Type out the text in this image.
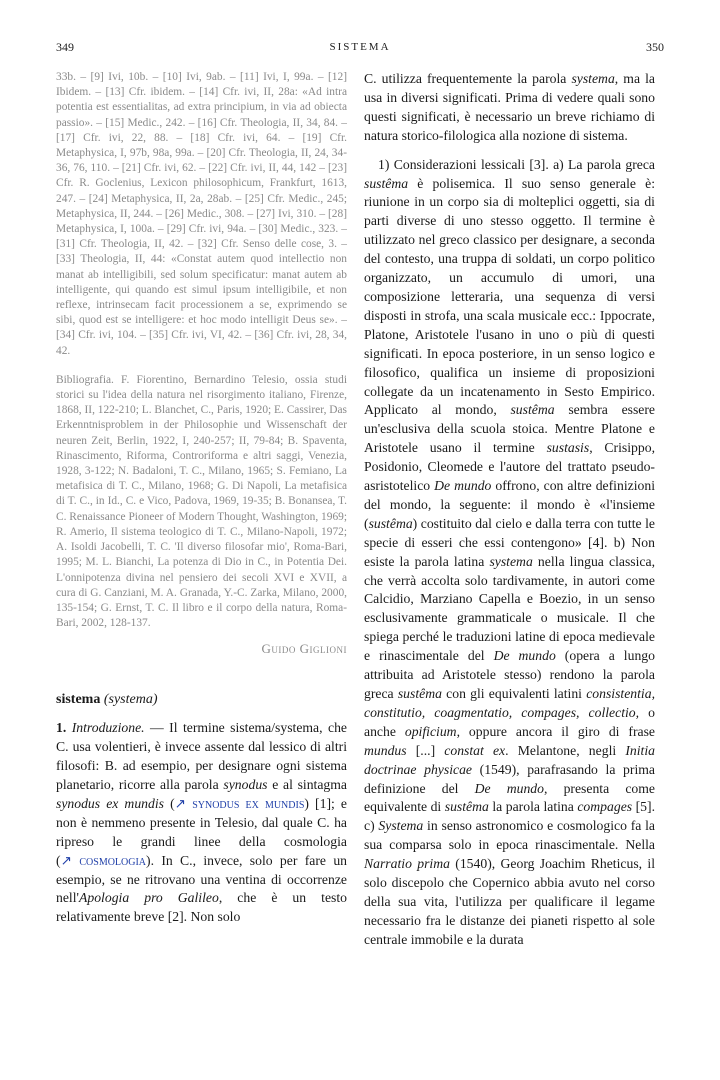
349	SISTEMA	350

33b. – [9] Ivi, 10b. – [10] Ivi, 9ab. – [11] Ivi, I, 99a. – [12] Ibidem. – [13] Cfr. ibidem. – [14] Cfr. ivi, II, 28a: «Ad intra potentia est essentialitas, ad extra principium, in via ad obiecta passio». – [15] Medic., 242. – [16] Cfr. Theologia, II, 34, 84. – [17] Cfr. ivi, 22, 88. – [18] Cfr. ivi, 64. – [19] Cfr. Metaphysica, I, 97b, 98a, 99a. – [20] Cfr. Theologia, II, 24, 34-36, 76, 110. – [21] Cfr. ivi, 62. – [22] Cfr. ivi, II, 44, 142 – [23] Cfr. R. Goclenius, Lexicon philosophicum, Frankfurt, 1613, 247. – [24] Metaphysica, II, 2a, 28ab. – [25] Cfr. Medic., 245; Metaphysica, II, 244. – [26] Medic., 308. – [27] Ivi, 310. – [28] Metaphysica, I, 100a. – [29] Cfr. ivi, 94a. – [30] Medic., 323. – [31] Cfr. Theologia, II, 42. – [32] Cfr. Senso delle cose, 3. – [33] Theologia, II, 44: «Constat autem quod intellectio non manat ab intelligibili, sed solum specificatur: manat autem ab intelligente, qui quando est simul ipsum intelligibile, et non reflexe, intrinsecam facit processionem a se, exprimendo se sibi, quod est se intelligere: et hoc modo intelligit Deus se». – [34] Cfr. ivi, 104. – [35] Cfr. ivi, VI, 42. – [36] Cfr. ivi, 28, 34, 42.

Bibliografia. F. Fiorentino, Bernardino Telesio, ossia studi storici su l'idea della natura nel risorgimento italiano, Firenze, 1868, II, 122-210; L. Blanchet, C., Paris, 1920; E. Cassirer, Das Erkenntnisproblem in der Philosophie und Wissenschaft der neuren Zeit, Berlin, 1922, I, 240-257; II, 79-84; B. Spaventa, Rinascimento, Riforma, Controriforma e altri saggi, Venezia, 1928, 3-122; N. Badaloni, T. C., Milano, 1965; S. Femiano, La metafisica di T. C., Milano, 1968; G. Di Napoli, La metafisica di T. C., in Id., C. e Vico, Padova, 1969, 19-35; B. Bonansea, T. C. Renaissance Pioneer of Modern Thought, Washington, 1969; R. Amerio, Il sistema teologico di T. C., Milano-Napoli, 1972; A. Isoldi Jacobelli, T. C. 'Il diverso filosofar mio', Roma-Bari, 1995; M. L. Bianchi, La potenza di Dio in C., in Potentia Dei. L'onnipotenza divina nel pensiero dei secoli XVI e XVII, a cura di G. Canziani, M. A. Granada, Y.-C. Zarka, Milano, 2000, 135-154; G. Ernst, T. C. Il libro e il corpo della natura, Roma-Bari, 2002, 128-137.

Guido Giglioni
sistema (systema)

1. Introduzione. — Il termine sistema/systema, che C. usa volentieri, è invece assente dal lessico di altri filosofi: B. ad esempio, per designare ogni sistema planetario, ricorre alla parola synodus e al sintagma synodus ex mundis (↗ synodus ex mundis) [1]; e non è nemmeno presente in Telesio, dal quale C. ha ripreso le grandi linee della cosmologia (↗ cosmologia). In C., invece, solo per fare un esempio, se ne ritrovano una ventina di occorrenze nell'Apologia pro Galileo, che è un testo relativamente breve [2]. Non solo

C. utilizza frequentemente la parola systema, ma la usa in diversi significati. Prima di vedere quali sono questi significati, è necessario un breve richiamo di natura storico-filologica alla nozione di sistema.

1) Considerazioni lessicali [3]. a) La parola greca sustêma è polisemica. Il suo senso generale è: riunione in un corpo sia di molteplici oggetti, sia di parti diverse di uno stesso oggetto. Il termine è utilizzato nel greco classico per designare, a seconda del contesto, una truppa di soldati, un corpo politico organizzato, un accumulo di umori, una composizione letteraria, una sequenza di versi disposti in strofa, una scala musicale ecc.: Ippocrate, Platone, Aristotele l'usano in uno o più di questi significati. In epoca posteriore, in un senso logico e filosofico, qualifica un insieme di proposizioni collegate da un incatenamento in Sesto Empirico. Applicato al mondo, sustêma sembra essere un'esclusiva della scuola stoica. Mentre Platone e Aristotele usano il termine sustasis, Crisippo, Posidonio, Cleomede e l'autore del trattato pseudo-asristotelico De mundo offrono, con altre definizioni del mondo, la seguente: il mondo è «l'insieme (sustêma) costituito dal cielo e dalla terra con tutte le specie di esseri che essi contengono» [4]. b) Non esiste la parola latina systema nella lingua classica, che verrà accolta solo tardivamente, in autori come Calcidio, Marziano Capella e Boezio, in un senso esclusivamente grammaticale o musicale. Il che spiega perché le traduzioni latine di epoca medievale e rinascimentale del De mundo (opera a lungo attribuita ad Aristotele stesso) rendono la parola greca sustêma con gli equivalenti latini consistentia, constitutio, coagmentatio, compages, collectio, o anche opificium, oppure ancora il giro di frase mundus [...] constat ex. Melantone, negli Initia doctrinae physicae (1549), parafrasando la prima definizione del De mundo, presenta come equivalente di sustêma la parola latina compages [5]. c) Systema in senso astronomico e cosmologico fa la sua comparsa solo in epoca rinascimentale. Nella Narratio prima (1540), Georg Joachim Rheticus, il solo discepolo che Copernico abbia avuto nel corso della sua vita, l'utilizza per qualificare il legame necessario fra le distanze dei pianeti rispetto al sole centrale immobile e la durata
